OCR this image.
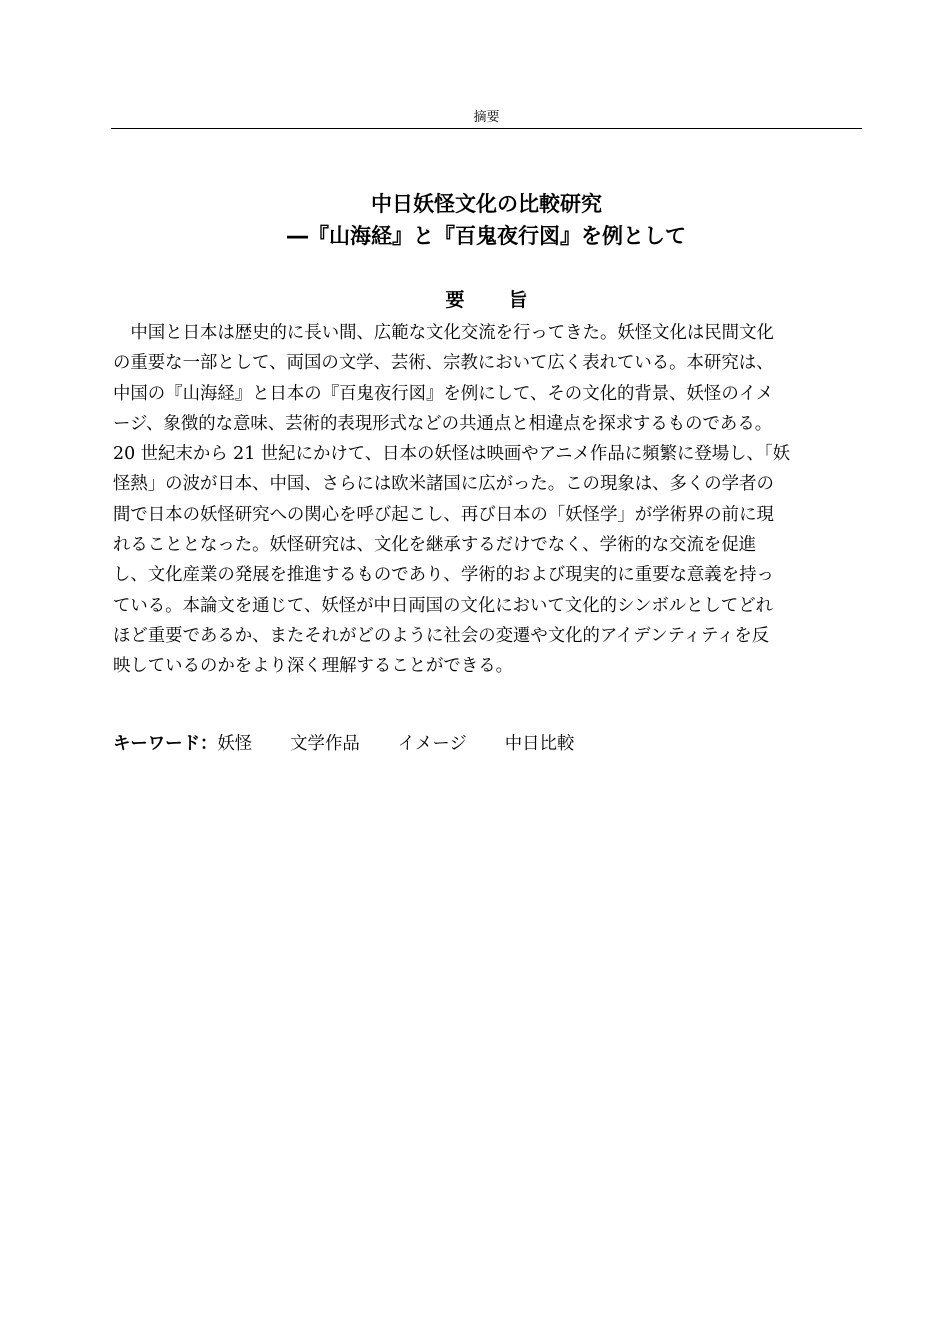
摘要
中日妖怪文化の比較研究
―『山海経』と『百鬼夜行図』を例として
要 旨
　中国と日本は歴史的に長い間、広範な文化交流を行ってきた。妖怪文化は民間文化
の重要な一部として、両国の文学、芸術、宗教において広く表れている。本研究は、
中国の『山海経』と日本の『百鬼夜行図』を例にして、その文化的背景、妖怪のイメ
ージ、象徴的な意味、芸術的表現形式などの共通点と相違点を探求するものである。
20 世紀末から 21 世紀にかけて、日本の妖怪は映画やアニメ作品に頻繁に登場し、「妖
怪熱」の波が日本、中国、さらには欧米諸国に広がった。この現象は、多くの学者の
間で日本の妖怪研究への関心を呼び起こし、再び日本の「妖怪学」が学術界の前に現
れることとなった。妖怪研究は、文化を継承するだけでなく、学術的な交流を促進
し、文化産業の発展を推進するものであり、学術的および現実的に重要な意義を持っ
ている。本論文を通じて、妖怪が中日両国の文化において文化的シンボルとしてどれ
ほど重要であるか、またそれがどのように社会の変遷や文化的アイデンティティを反
映しているのかをより深く理解することができる。
キーワード：妖怪 文学作品 イメージ 中日比較
